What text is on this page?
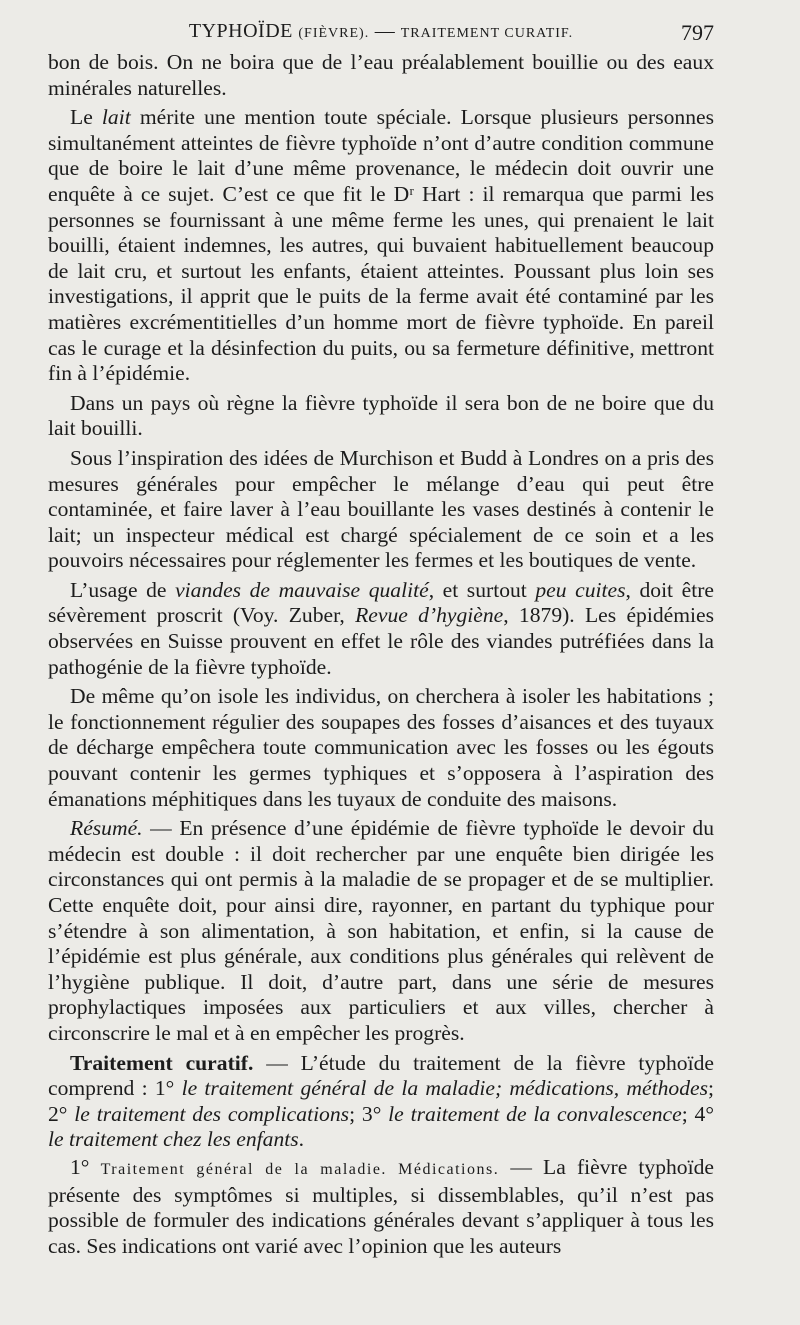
TYPHOÏDE (FIÈVRE). — TRAITEMENT CURATIF.	797

bon de bois. On ne boira que de l’eau préalablement bouillie ou des eaux minérales naturelles.

Le lait mérite une mention toute spéciale. Lorsque plusieurs personnes simultanément atteintes de fièvre typhoïde n’ont d’autre condition commune que de boire le lait d’une même provenance, le médecin doit ouvrir une enquête à ce sujet. C’est ce que fit le Dʳ Hart : il remarqua que parmi les personnes se fournissant à une même ferme les unes, qui prenaient le lait bouilli, étaient indemnes, les autres, qui buvaient habituellement beaucoup de lait cru, et surtout les enfants, étaient atteintes. Poussant plus loin ses investigations, il apprit que le puits de la ferme avait été contaminé par les matières excrémentitielles d’un homme mort de fièvre typhoïde. En pareil cas le curage et la désinfection du puits, ou sa fermeture définitive, mettront fin à l’épidémie.

Dans un pays où règne la fièvre typhoïde il sera bon de ne boire que du lait bouilli.

Sous l’inspiration des idées de Murchison et Budd à Londres on a pris des mesures générales pour empêcher le mélange d’eau qui peut être contaminée, et faire laver à l’eau bouillante les vases destinés à contenir le lait; un inspecteur médical est chargé spécialement de ce soin et a les pouvoirs nécessaires pour réglementer les fermes et les boutiques de vente.

L’usage de viandes de mauvaise qualité, et surtout peu cuites, doit être sévèrement proscrit (Voy. Zuber, Revue d’hygiène, 1879). Les épidémies observées en Suisse prouvent en effet le rôle des viandes putréfiées dans la pathogénie de la fièvre typhoïde.

De même qu’on isole les individus, on cherchera à isoler les habitations ; le fonctionnement régulier des soupapes des fosses d’aisances et des tuyaux de décharge empêchera toute communication avec les fosses ou les égouts pouvant contenir les germes typhiques et s’opposera à l’aspiration des émanations méphitiques dans les tuyaux de conduite des maisons.

Résumé. — En présence d’une épidémie de fièvre typhoïde le devoir du médecin est double : il doit rechercher par une enquête bien dirigée les circonstances qui ont permis à la maladie de se propager et de se multiplier. Cette enquête doit, pour ainsi dire, rayonner, en partant du typhique pour s’étendre à son alimentation, à son habitation, et enfin, si la cause de l’épidémie est plus générale, aux conditions plus générales qui relèvent de l’hygiène publique. Il doit, d’autre part, dans une série de mesures prophylactiques imposées aux particuliers et aux villes, chercher à circonscrire le mal et à en empêcher les progrès.

Traitement curatif. — L’étude du traitement de la fièvre typhoïde comprend : 1° le traitement général de la maladie; médications, méthodes; 2° le traitement des complications; 3° le traitement de la convalescence; 4° le traitement chez les enfants.

1° Traitement général de la maladie. Médications. — La fièvre typhoïde présente des symptômes si multiples, si dissemblables, qu’il n’est pas possible de formuler des indications générales devant s’appliquer à tous les cas. Ses indications ont varié avec l’opinion que les auteurs
